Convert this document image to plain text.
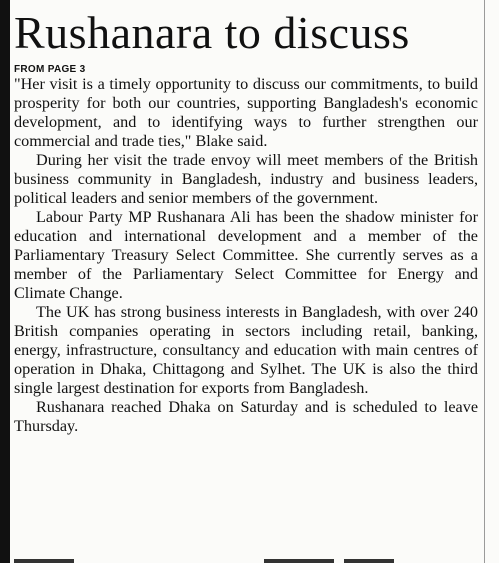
Rushanara to discuss
FROM PAGE 3

"Her visit is a timely opportunity to discuss our commitments, to build prosperity for both our countries, supporting Bangladesh's economic development, and to identifying ways to further strengthen our commercial and trade ties," Blake said.

During her visit the trade envoy will meet members of the British business community in Bangladesh, industry and business leaders, political leaders and senior members of the government.

Labour Party MP Rushanara Ali has been the shadow minister for education and international development and a member of the Parliamentary Treasury Select Committee. She currently serves as a member of the Parliamentary Select Committee for Energy and Climate Change.

The UK has strong business interests in Bangladesh, with over 240 British companies operating in sectors including retail, banking, energy, infrastructure, consultancy and education with main centres of operation in Dhaka, Chittagong and Sylhet. The UK is also the third single largest destination for exports from Bangladesh.

Rushanara reached Dhaka on Saturday and is scheduled to leave Thursday.
